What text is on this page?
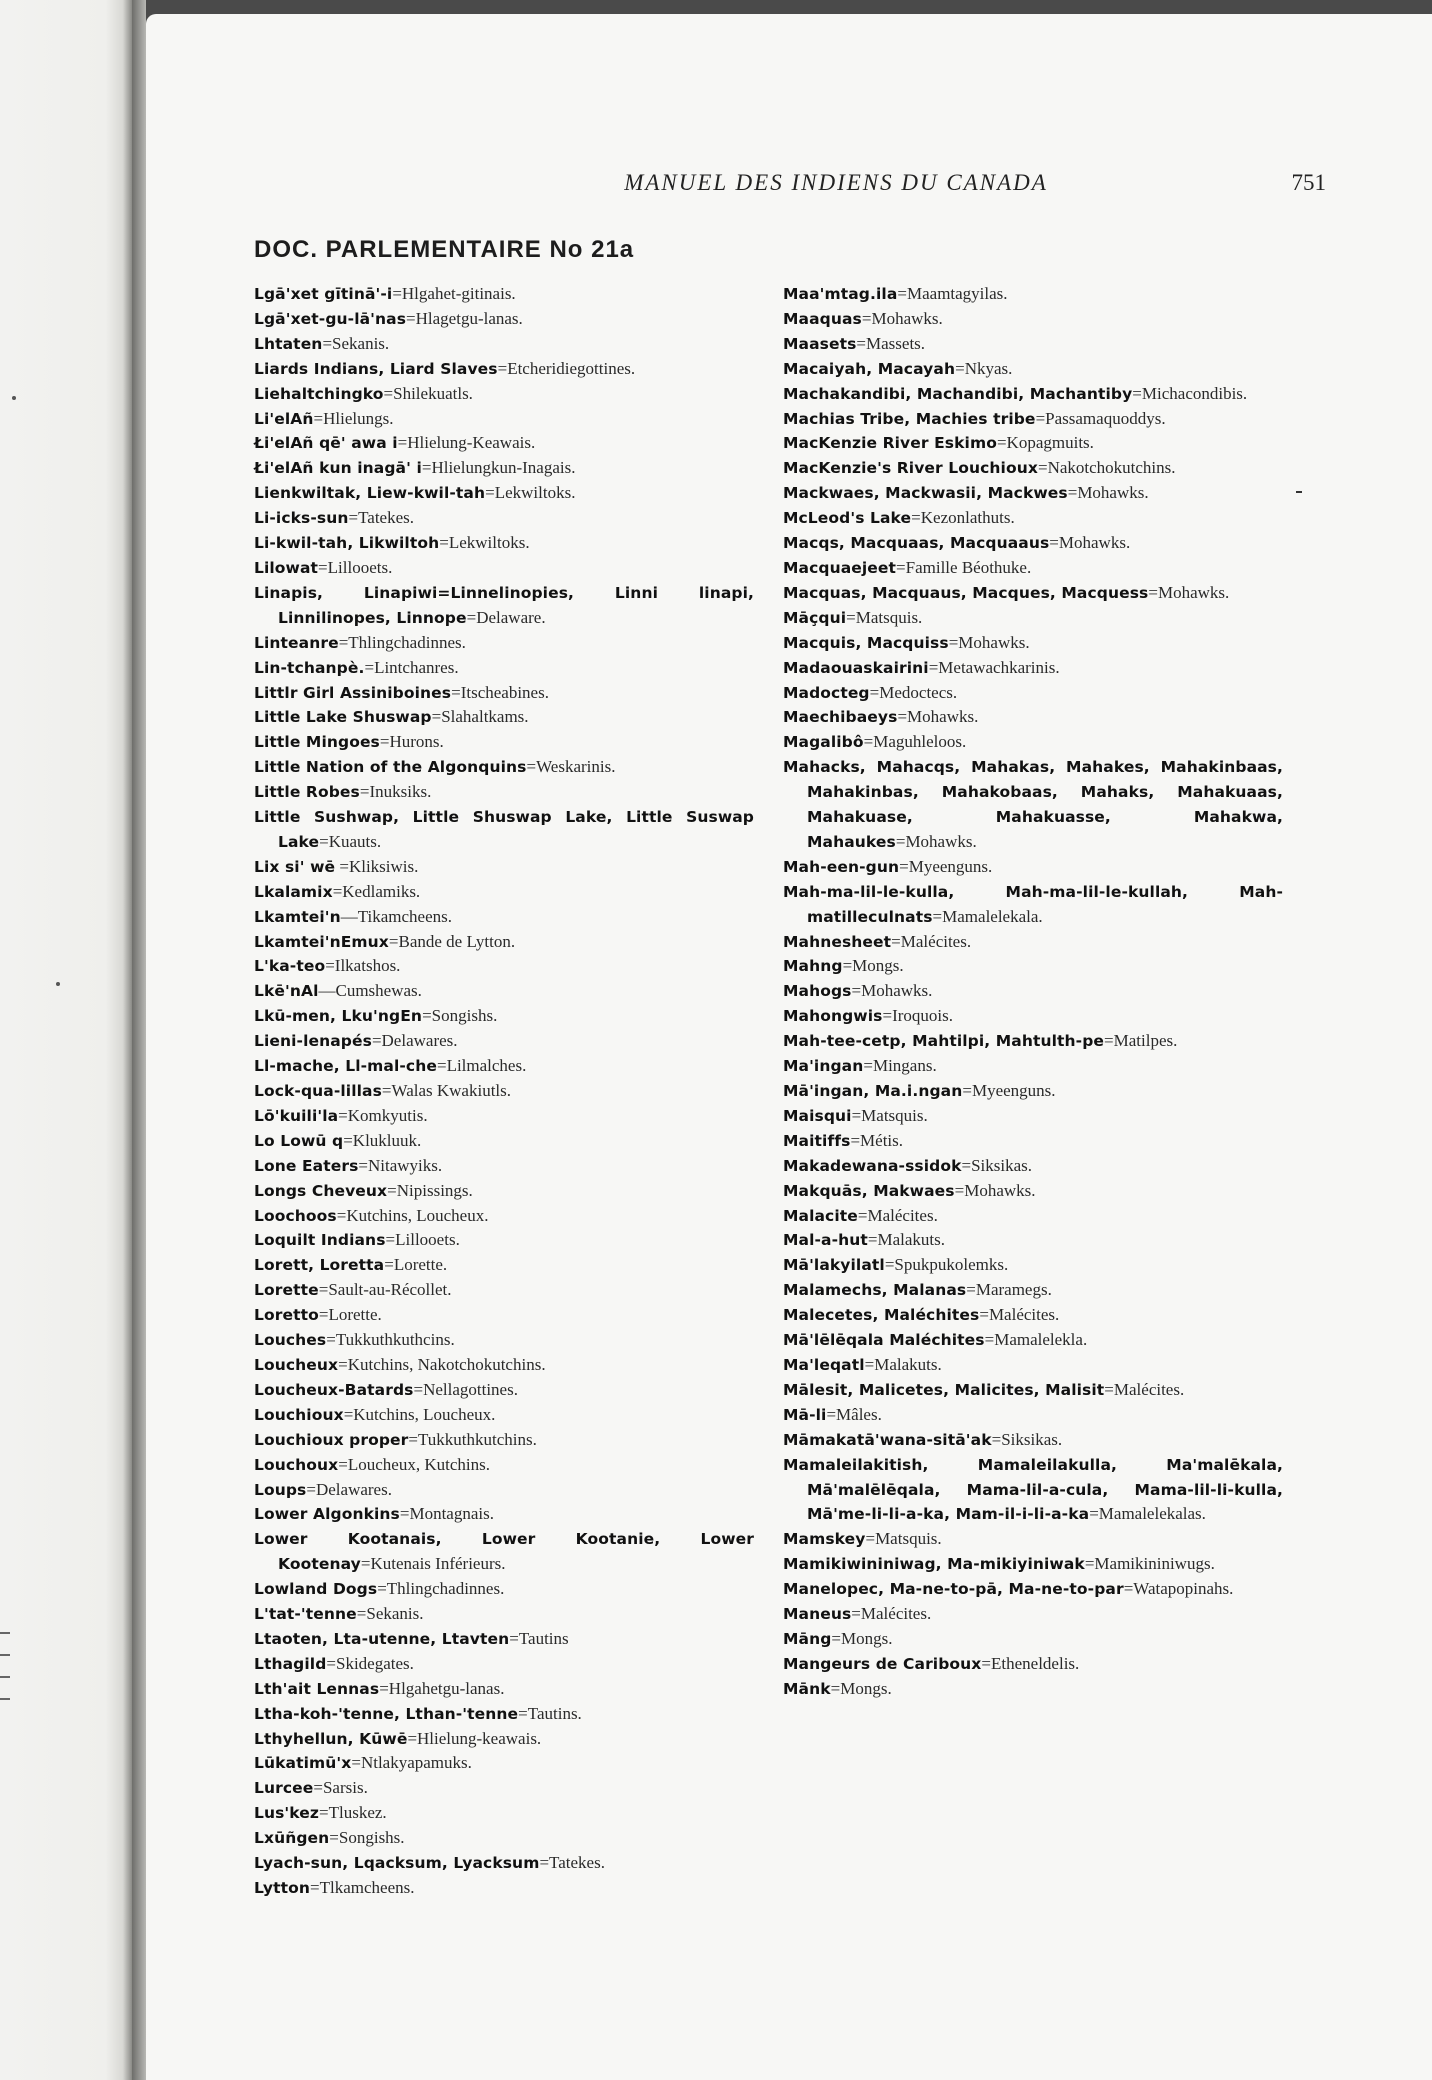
MANUEL DES INDIENS DU CANADA	751
DOC. PARLEMENTAIRE No 21a

Lgā'xet gītinā'-i=Hlgahet-gitinais.

Lgā'xet-gu-lā'nas=Hlagetgu-lanas.

Lhtaten=Sekanis.

Liards Indians, Liard Slaves=Etcheridiegottines.

Liehaltchingko=Shilekuatls.

Li'elAñ=Hlielungs.

Łi'elAñ qē' awa i=Hlielung-Keawais.

Łi'elAñ kun inagā' i=Hlielungkun-Inagais.

Lienkwiltak, Liew-kwil-tah=Lekwiltoks.

Li-icks-sun=Tatekes.

Li-kwil-tah, Likwiltoh=Lekwiltoks.

Lilowat=Lillooets.

Linapis, Linapiwi=Linnelinopies, Linni linapi, Linnilinopes, Linnope=Delaware.

Linteanre=Thlingchadinnes.

Lin-tchanpè.=Lintchanres.

Littlr Girl Assiniboines=Itscheabines.

Little Lake Shuswap=Slahaltkams.

Little Mingoes=Hurons.

Little Nation of the Algonquins=Weskarinis.

Little Robes=Inuksiks.

Little Sushwap, Little Shuswap Lake, Little Suswap Lake=Kuauts.

Lix si' wē =Kliksiwis.

Lkalamix=Kedlamiks.

Lkamtei'n—Tikamcheens.

Lkamtei'nEmux=Bande de Lytton.

L'ka-teo=Ilkatshos.

Lkē'nAl—Cumshewas.

Lkū-men, Lku'ngEn=Songishs.

Lieni-lenapés=Delawares.

Ll-mache, Ll-mal-che=Lilmalches.

Lock-qua-lillas=Walas Kwakiutls.

Lō'kuili'la=Komkyutis.

Lo Lowū q=Klukluuk.

Lone Eaters=Nitawyiks.

Longs Cheveux=Nipissings.

Loochoos=Kutchins, Loucheux.

Loquilt Indians=Lillooets.

Lorett, Loretta=Lorette.

Lorette=Sault-au-Récollet.

Loretto=Lorette.

Louches=Tukkuthkuthcins.

Loucheux=Kutchins, Nakotchokutchins.

Loucheux-Batards=Nellagottines.

Louchioux=Kutchins, Loucheux.

Louchioux proper=Tukkuthkutchins.

Louchoux=Loucheux, Kutchins.

Loups=Delawares.

Lower Algonkins=Montagnais.

Lower Kootanais, Lower Kootanie, Lower Kootenay=Kutenais Inférieurs.

Lowland Dogs=Thlingchadinnes.

L'tat-'tenne=Sekanis.

Ltaoten, Lta-utenne, Ltavten=Tautins

Lthagild=Skidegates.

Lth'ait Lennas=Hlgahetgu-lanas.

Ltha-koh-'tenne, Lthan-'tenne=Tautins.

Lthyhellun, Kūwē=Hlielung-keawais.

Lūkatimū'x=Ntlakyapamuks.

Lurcee=Sarsis.

Lus'kez=Tluskez.

Lxūñgen=Songishs.

Lyach-sun, Lqacksum, Lyacksum=Tatekes.

Lytton=Tlkamcheens.

Maa'mtag.ila=Maamtagyilas.

Maaquas=Mohawks.

Maasets=Massets.

Macaiyah, Macayah=Nkyas.

Machakandibi, Machandibi, Machantiby=Michacondibis.

Machias Tribe, Machies tribe=Passamaquoddys.

MacKenzie River Eskimo=Kopagmuits.

MacKenzie's River Louchioux=Nakotchokutchins.

Mackwaes, Mackwasii, Mackwes=Mohawks.

McLeod's Lake=Kezonlathuts.

Macqs, Macquaas, Macquaaus=Mohawks.

Macquaejeet=Famille Béothuke.

Macquas, Macquaus, Macques, Macquess=Mohawks.

Māçqui=Matsquis.

Macquis, Macquiss=Mohawks.

Madaouaskairini=Metawachkarinis.

Madocteg=Medoctecs.

Maechibaeys=Mohawks.

Magalibô=Maguhleloos.

Mahacks, Mahacqs, Mahakas, Mahakes, Mahakinbaas, Mahakinbas, Mahakobaas, Mahaks, Mahakuaas, Mahakuase, Mahakuasse, Mahakwa, Mahaukes=Mohawks.

Mah-een-gun=Myeenguns.

Mah-ma-lil-le-kulla, Mah-ma-lil-le-kullah, Mah-matilleculnats=Mamalelekala.

Mahnesheet=Malécites.

Mahng=Mongs.

Mahogs=Mohawks.

Mahongwis=Iroquois.

Mah-tee-cetp, Mahtilpi, Mahtulth-pe=Matilpes.

Ma'ingan=Mingans.

Mā'ingan, Ma.i.ngan=Myeenguns.

Maisqui=Matsquis.

Maitiffs=Métis.

Makadewana-ssidok=Siksikas.

Makquās, Makwaes=Mohawks.

Malacite=Malécites.

Mal-a-hut=Malakuts.

Mā'lakyilatl=Spukpukolemks.

Malamechs, Malanas=Maramegs.

Malecetes, Maléchites=Malécites.

Mā'lēlēqala Maléchites=Mamalelekla.

Ma'leqatl=Malakuts.

Mālesit, Malicetes, Malicites, Malisit=Malécites.

Mā-li=Mâles.

Māmakatā'wana-sitā'ak=Siksikas.

Mamaleilakitish, Mamaleilakulla, Ma'malēkala, Mā'malēlēqala, Mama-lil-a-cula, Mama-lil-li-kulla, Mā'me-li-li-a-ka, Mam-il-i-li-a-ka=Mamalelekalas.

Mamskey=Matsquis.

Mamikiwininiwag, Ma-mikiyiniwak=Mamikininiwugs.

Manelopec, Ma-ne-to-pā, Ma-ne-to-par=Watapopinahs.

Maneus=Malécites.

Māng=Mongs.

Mangeurs de Cariboux=Etheneldelis.

Mānk=Mongs.
